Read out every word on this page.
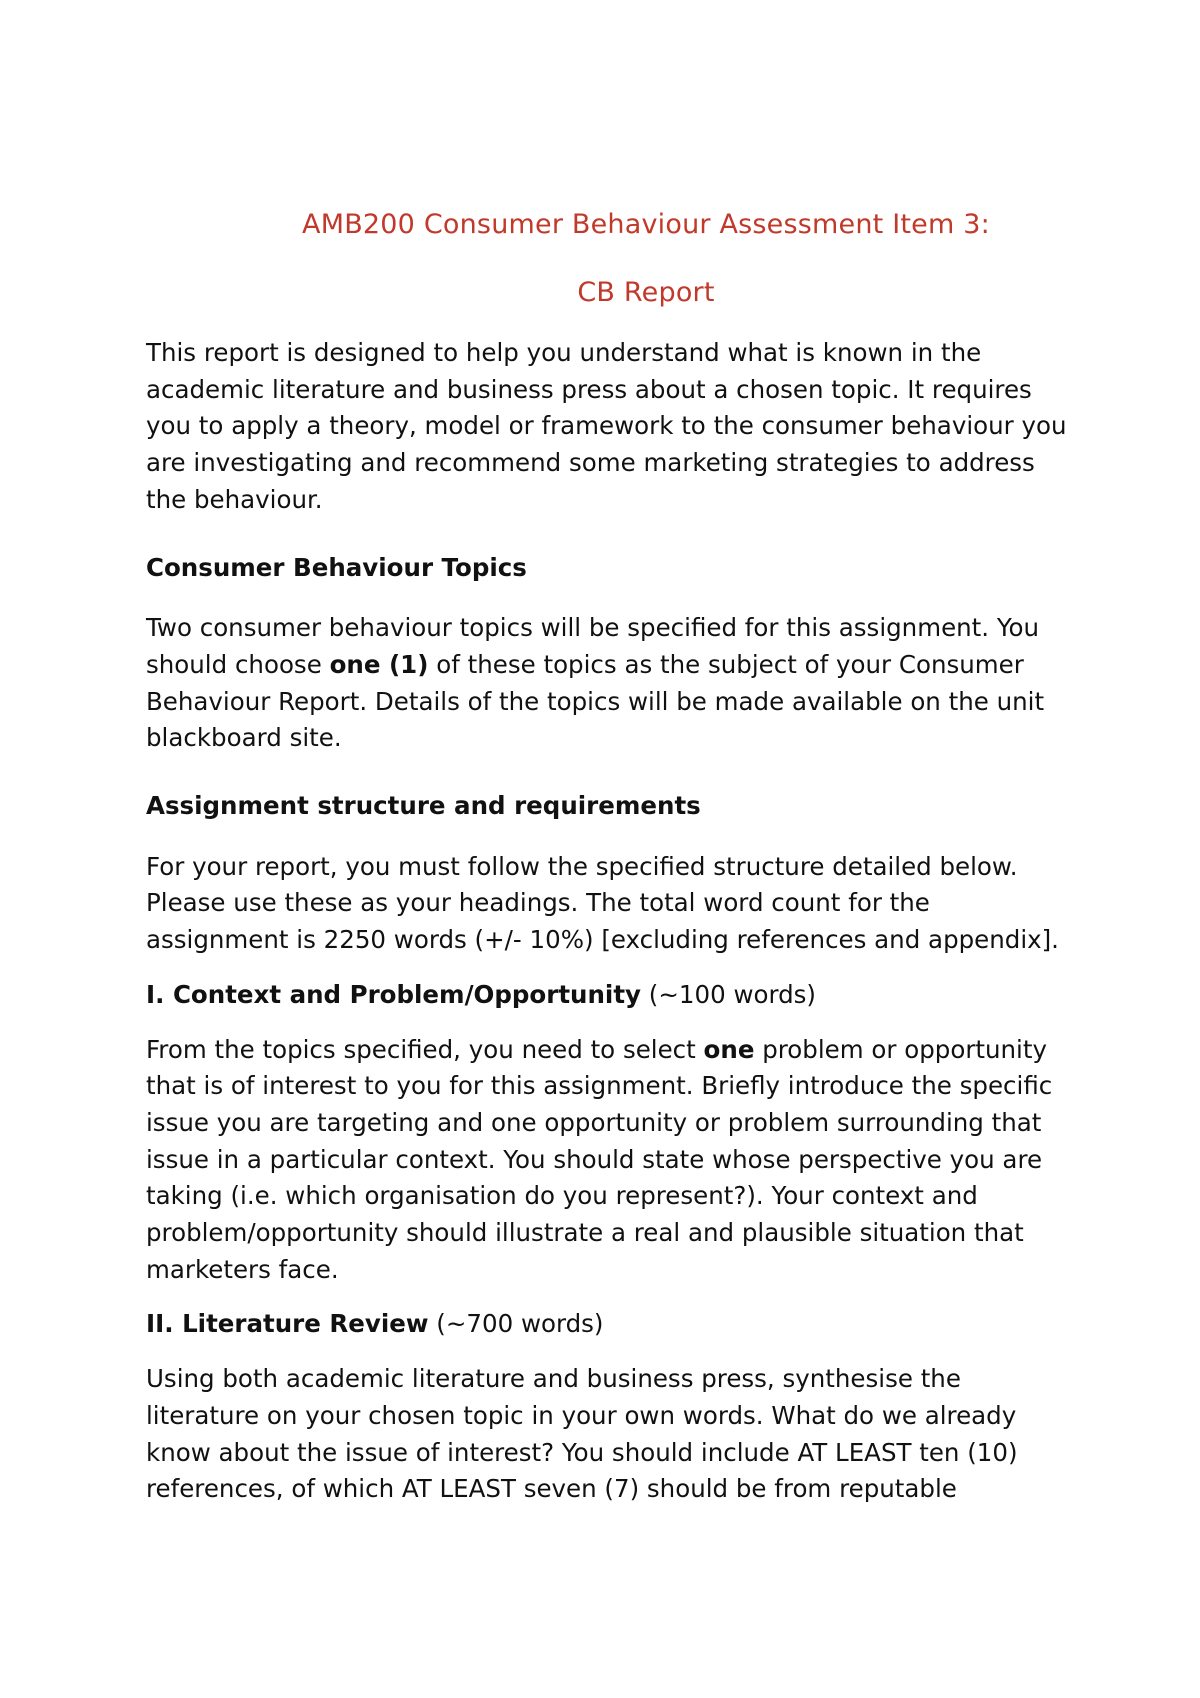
AMB200 Consumer Behaviour Assessment Item 3:

CB Report

This report is designed to help you understand what is known in the academic literature and business press about a chosen topic. It requires you to apply a theory, model or framework to the consumer behaviour you are investigating and recommend some marketing strategies to address the behaviour.

Consumer Behaviour Topics

Two consumer behaviour topics will be specified for this assignment. You should choose one (1) of these topics as the subject of your Consumer Behaviour Report. Details of the topics will be made available on the unit blackboard site.

Assignment structure and requirements

For your report, you must follow the specified structure detailed below. Please use these as your headings. The total word count for the assignment is 2250 words (+/- 10%) [excluding references and appendix].

I. Context and Problem/Opportunity (~100 words)

From the topics specified, you need to select one problem or opportunity that is of interest to you for this assignment. Briefly introduce the specific issue you are targeting and one opportunity or problem surrounding that issue in a particular context. You should state whose perspective you are taking (i.e. which organisation do you represent?). Your context and problem/opportunity should illustrate a real and plausible situation that marketers face.

II. Literature Review (~700 words)

Using both academic literature and business press, synthesise the literature on your chosen topic in your own words. What do we already know about the issue of interest? You should include AT LEAST ten (10) references, of which AT LEAST seven (7) should be from reputable
